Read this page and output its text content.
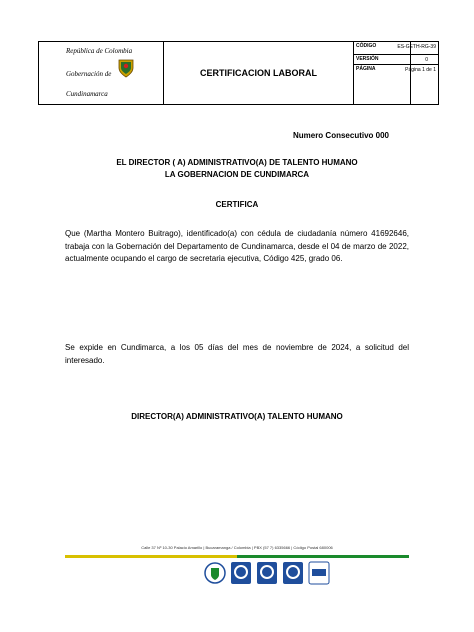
República de Colombia
Gobernación de
Cundinamarca
CERTIFICACION LABORAL
CÓDIGO	ES-GETH-RG-39
VERSIÓN	0
PÁGINA	Página 1 de 1
Numero Consecutivo 000
EL DIRECTOR ( A) ADMINISTRATIVO(A) DE TALENTO HUMANO
LA GOBERNACION DE CUNDIMARCA
CERTIFICA
Que (Martha Montero Buitrago), identificado(a) con cédula de ciudadanía número 41692646, trabaja con la Gobernación del Departamento de Cundinamarca, desde el 04 de marzo de 2022, actualmente ocupando el cargo de secretaria ejecutiva, Código 425, grado 06.
Se expide en Cundimarca, a los 05 días del mes de noviembre de 2024, a solicitud del interesado.
DIRECTOR(A) ADMINISTRATIVO(A) TALENTO HUMANO
Calle 37 Nº 10-30 Palacio Amarillo | Bucaramanga / Colombia | PBX (57 7) 6335666 | Código Postal 680006
